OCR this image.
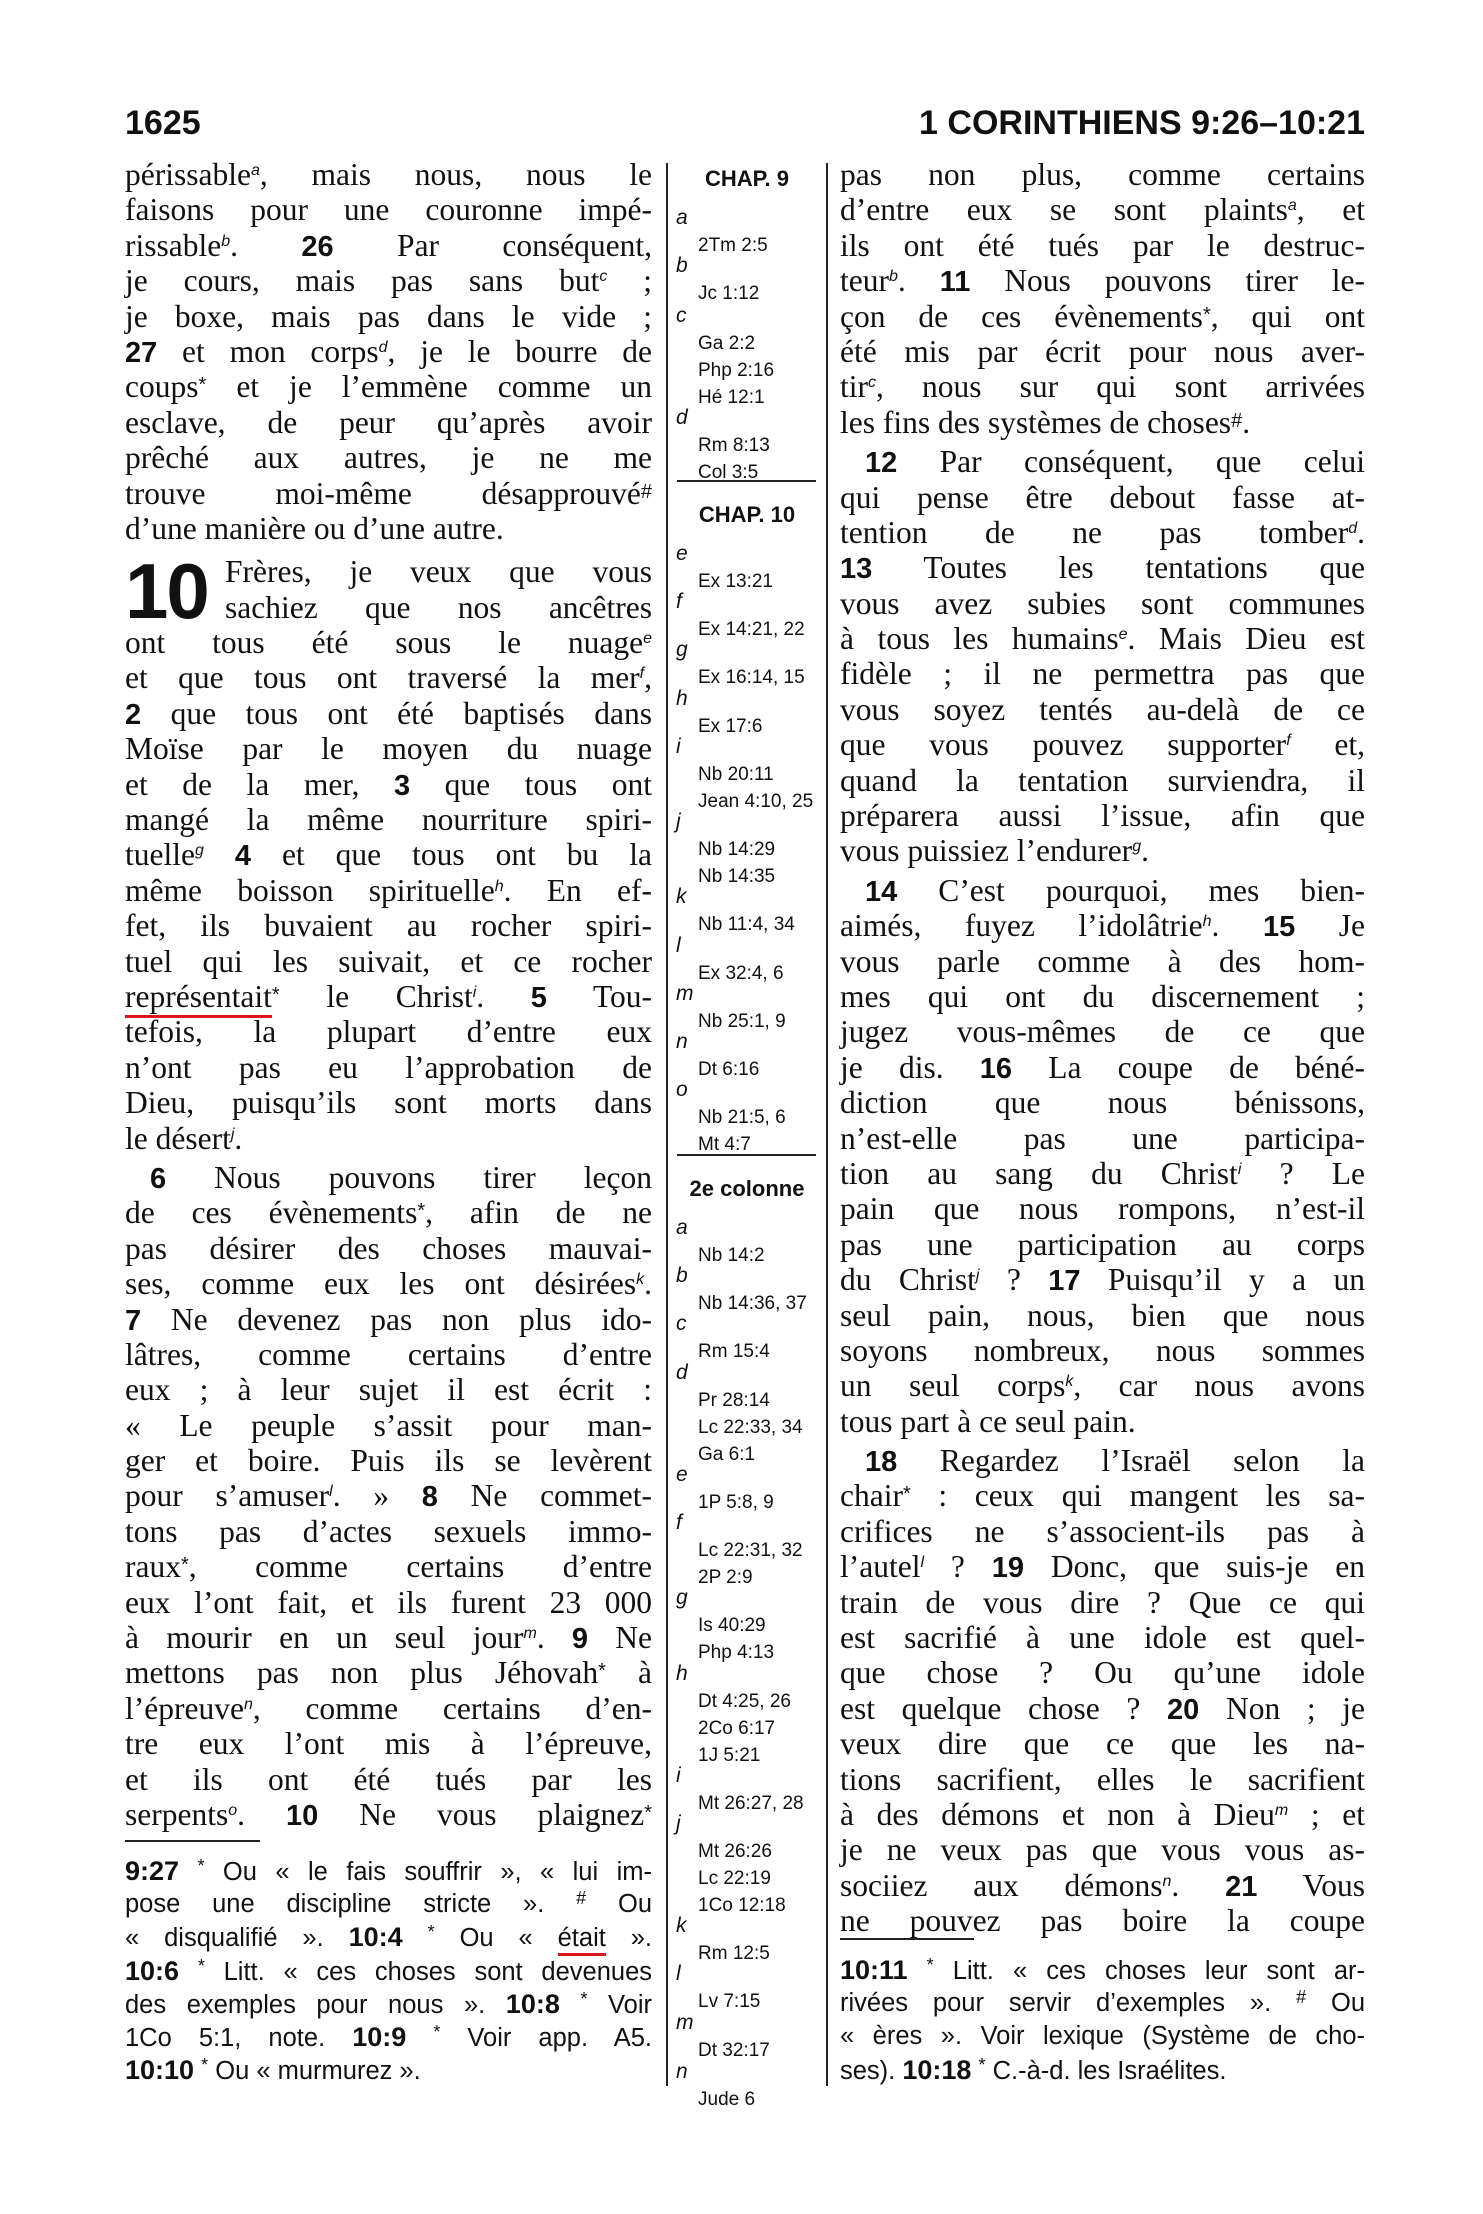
1625	1 CORINTHIENS 9:26–10:21
périssable$^a$, mais nous, nous le
faisons pour une couronne impé-
rissable$^b$. 26 Par conséquent,
je cours, mais pas sans but$^c$ ;
je boxe, mais pas dans le vide ;
27 et mon corps$^d$, je le bourre de
coups* et je l’emmène comme un
esclave, de peur qu’après avoir
prêché aux autres, je ne me
trouve moi-même désapprouvé#
d’une manière ou d’une autre.
10 Frères, je veux que vous
sachiez que nos ancêtres
ont tous été sous le nuage$^e$
et que tous ont traversé la mer$^f$,
2 que tous ont été baptisés dans
Moïse par le moyen du nuage
et de la mer, 3 que tous ont
mangé la même nourriture spiri-
tuelle$^g$ 4 et que tous ont bu la
même boisson spirituelle$^h$. En ef-
fet, ils buvaient au rocher spiri-
tuel qui les suivait, et ce rocher
représentait* le Christ$^i$. 5 Tou-
tefois, la plupart d’entre eux
n’ont pas eu l’approbation de
Dieu, puisqu’ils sont morts dans
le désert$^j$.
6 Nous pouvons tirer leçon
de ces évènements*, afin de ne
pas désirer des choses mauvai-
ses, comme eux les ont désirées$^k$.
7 Ne devenez pas non plus ido-
lâtres, comme certains d’entre
eux ; à leur sujet il est écrit :
« Le peuple s’assit pour man-
ger et boire. Puis ils se levèrent
pour s’amuser$^l$. » 8 Ne commet-
tons pas d’actes sexuels immo-
raux*, comme certains d’entre
eux l’ont fait, et ils furent 23 000
à mourir en un seul jour$^m$. 9 Ne
mettons pas non plus Jéhovah* à
l’épreuve$^n$, comme certains d’en-
tre eux l’ont mis à l’épreuve,
et ils ont été tués par les
serpents$^o$. 10 Ne vous plaignez*
CHAP. 9
a
2Tm 2:5
b
Jc 1:12
c
Ga 2:2
Php 2:16
Hé 12:1
d
Rm 8:13
Col 3:5
CHAP. 10
e
Ex 13:21
f
Ex 14:21, 22
g
Ex 16:14, 15
h
Ex 17:6
i
Nb 20:11
Jean 4:10, 25
j
Nb 14:29
Nb 14:35
k
Nb 11:4, 34
l
Ex 32:4, 6
m
Nb 25:1, 9
n
Dt 6:16
o
Nb 21:5, 6
Mt 4:7
2e colonne
a
Nb 14:2
b
Nb 14:36, 37
c
Rm 15:4
d
Pr 28:14
Lc 22:33, 34
Ga 6:1
e
1P 5:8, 9
f
Lc 22:31, 32
2P 2:9
g
Is 40:29
Php 4:13
h
Dt 4:25, 26
2Co 6:17
1J 5:21
i
Mt 26:27, 28
j
Mt 26:26
Lc 22:19
1Co 12:18
k
Rm 12:5
l
Lv 7:15
m
Dt 32:17
n
Jude 6
pas non plus, comme certains
d’entre eux se sont plaints$^a$, et
ils ont été tués par le destruc-
teur$^b$. 11 Nous pouvons tirer le-
çon de ces évènements*, qui ont
été mis par écrit pour nous aver-
tir$^c$, nous sur qui sont arrivées
les fins des systèmes de choses#.
12 Par conséquent, que celui
qui pense être debout fasse at-
tention de ne pas tomber$^d$.
13 Toutes les tentations que
vous avez subies sont communes
à tous les humains$^e$. Mais Dieu est
fidèle ; il ne permettra pas que
vous soyez tentés au-delà de ce
que vous pouvez supporter$^f$ et,
quand la tentation surviendra, il
préparera aussi l’issue, afin que
vous puissiez l’endurer$^g$.
14 C’est pourquoi, mes bien-
aimés, fuyez l’idolâtrie$^h$. 15 Je
vous parle comme à des hom-
mes qui ont du discernement ;
jugez vous-mêmes de ce que
je dis. 16 La coupe de béné-
diction que nous bénissons,
n’est-elle pas une participa-
tion au sang du Christ$^i$ ? Le
pain que nous rompons, n’est-il
pas une participation au corps
du Christ$^j$ ? 17 Puisqu’il y a un
seul pain, nous, bien que nous
soyons nombreux, nous sommes
un seul corps$^k$, car nous avons
tous part à ce seul pain.
18 Regardez l’Israël selon la
chair* : ceux qui mangent les sa-
crifices ne s’associent-ils pas à
l’autel$^l$ ? 19 Donc, que suis-je en
train de vous dire ? Que ce qui
est sacrifié à une idole est quel-
que chose ? Ou qu’une idole
est quelque chose ? 20 Non ; je
veux dire que ce que les na-
tions sacrifient, elles le sacrifient
à des démons et non à Dieu$^m$ ; et
je ne veux pas que vous vous as-
sociiez aux démons$^n$. 21 Vous
ne pouvez pas boire la coupe
9:27 * Ou « le fais souffrir », « lui im-
pose une discipline stricte ». # Ou
« disqualifié ». 10:4 * Ou « était ».
10:6 * Litt. « ces choses sont devenues
des exemples pour nous ». 10:8 * Voir
1Co 5:1, note. 10:9 * Voir app. A5.
10:10 * Ou « murmurez ».
10:11 * Litt. « ces choses leur sont ar-
rivées pour servir d’exemples ». # Ou
« ères ». Voir lexique (Système de cho-
ses). 10:18 * C.-à-d. les Israélites.
